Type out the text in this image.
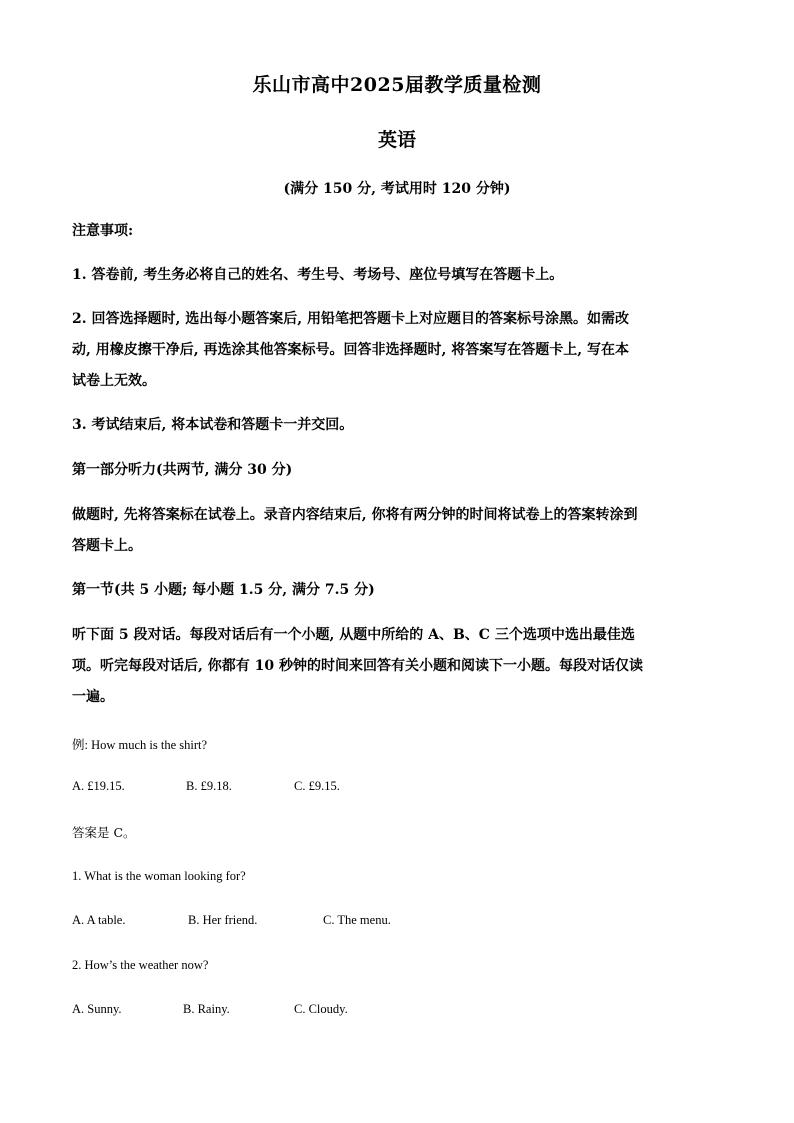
乐山市高中2025届教学质量检测
英语
(满分 150 分, 考试用时 120 分钟)
注意事项:
1. 答卷前, 考生务必将自己的姓名、考生号、考场号、座位号填写在答题卡上。
2. 回答选择题时, 选出每小题答案后, 用铅笔把答题卡上对应题目的答案标号涂黑。如需改
动, 用橡皮擦干净后, 再选涂其他答案标号。回答非选择题时, 将答案写在答题卡上, 写在本
试卷上无效。
3. 考试结束后, 将本试卷和答题卡一并交回。
第一部分听力(共两节, 满分 30 分)
做题时, 先将答案标在试卷上。录音内容结束后, 你将有两分钟的时间将试卷上的答案转涂到
答题卡上。
第一节(共 5 小题; 每小题 1.5 分, 满分 7.5 分)
听下面 5 段对话。每段对话后有一个小题, 从题中所给的 A、B、C 三个选项中选出最佳选
项。听完每段对话后, 你都有 10 秒钟的时间来回答有关小题和阅读下一小题。每段对话仅读
一遍。
例: How much is the shirt?
A. £19.15.	B. £9.18.	C. £9.15.
答案是 C。
1. What is the woman looking for?
A. A table.	B. Her friend.	C. The menu.
2. How’s the weather now?
A. Sunny.	B. Rainy.	C. Cloudy.
